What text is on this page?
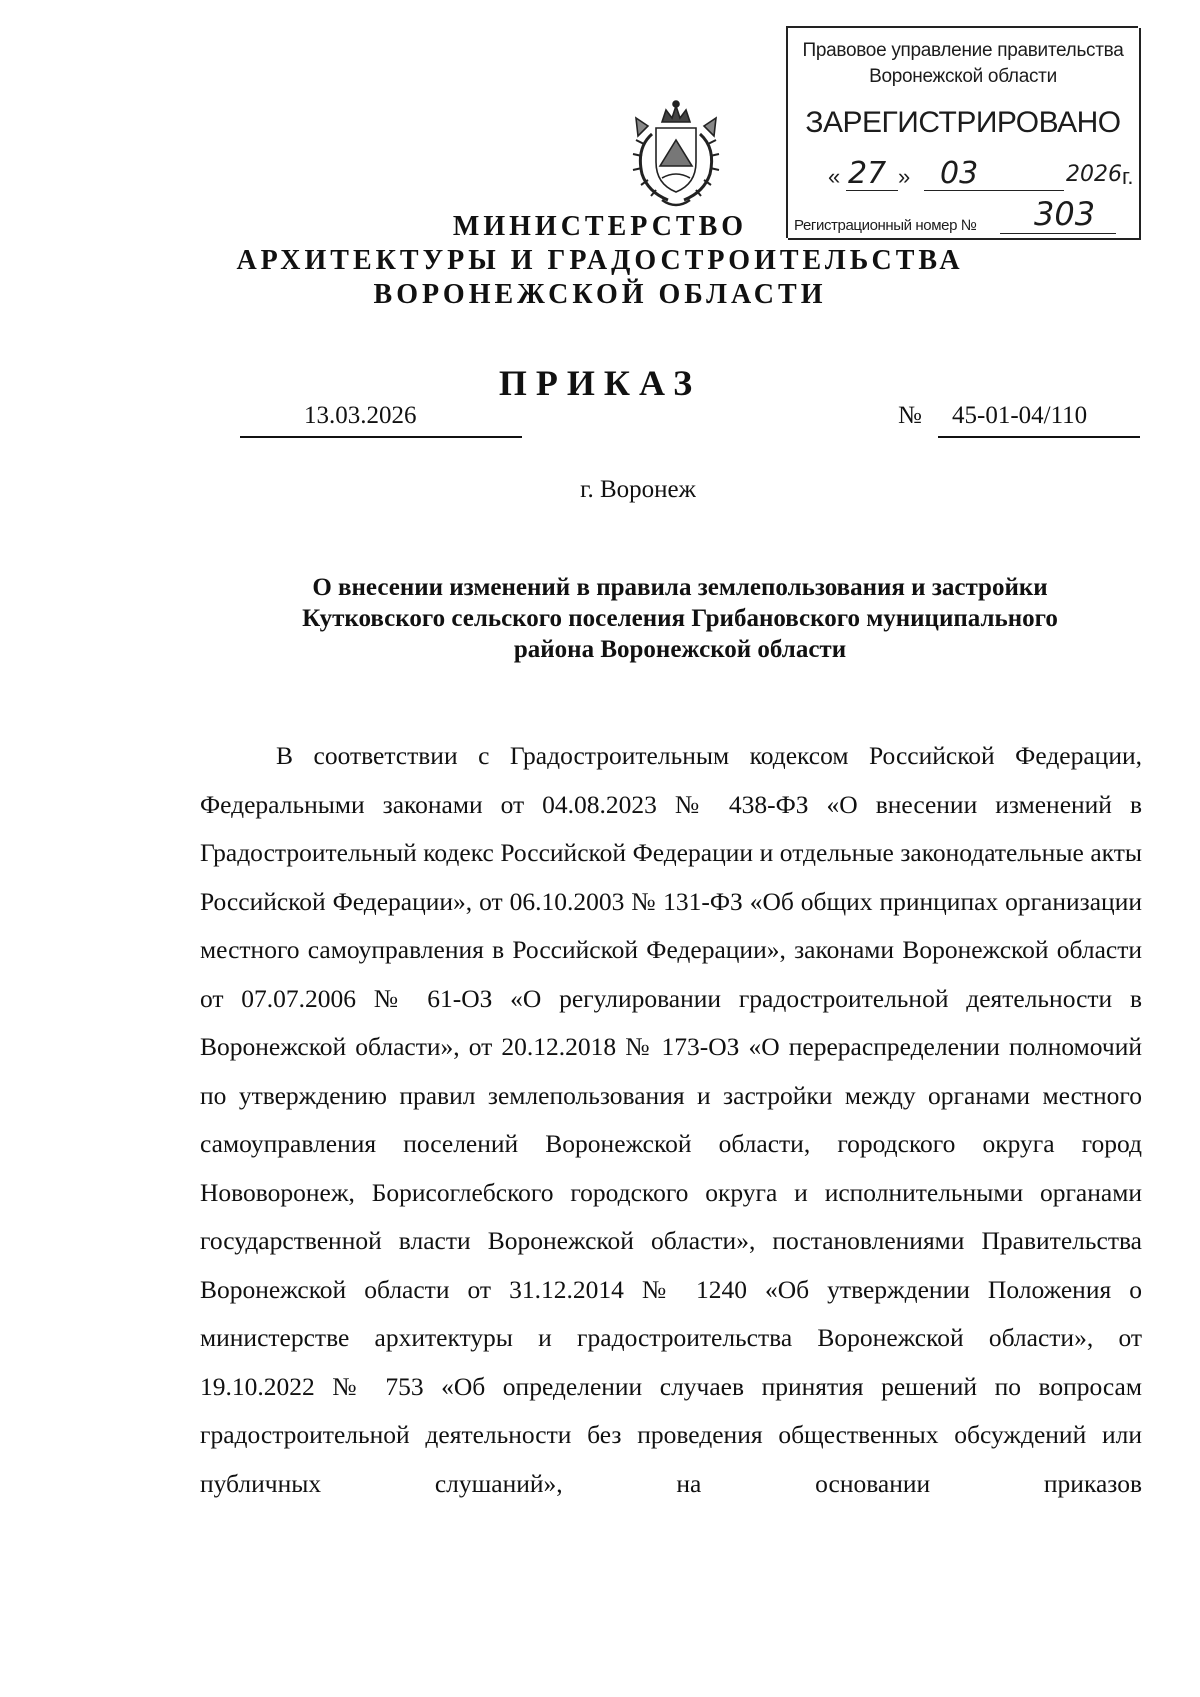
Правовое управление правительства
Воронежской области
ЗАРЕГИСТРИРОВАНО
« 27 » 03	2026 г.
Регистрационный номер № 303
МИНИСТЕРСТВО
АРХИТЕКТУРЫ И ГРАДОСТРОИТЕЛЬСТВА
ВОРОНЕЖСКОЙ ОБЛАСТИ
ПРИКАЗ
13.03.2026	№ 45-01-04/110
г. Воронеж
О внесении изменений в правила землепользования и застройки
Кутковского сельского поселения Грибановского муниципального
района Воронежской области

В соответствии с Градостроительным кодексом Российской Федерации, Федеральными законами от 04.08.2023 № 438-ФЗ «О внесении изменений в Градостроительный кодекс Российской Федерации и отдельные законодательные акты Российской Федерации», от 06.10.2003 № 131-ФЗ «Об общих принципах организации местного самоуправления в Российской Федерации», законами Воронежской области от 07.07.2006 № 61-ОЗ «О регулировании градостроительной деятельности в Воронежской области», от 20.12.2018 № 173-ОЗ «О перераспределении полномочий по утверждению правил землепользования и застройки между органами местного самоуправления поселений Воронежской области, городского округа город Нововоронеж, Борисоглебского городского округа и исполнительными органами государственной власти Воронежской области», постановлениями Правительства Воронежской области от 31.12.2014 № 1240 «Об утверждении Положения о министерстве архитектуры и градостроительства Воронежской области», от 19.10.2022 № 753 «Об определении случаев принятия решений по вопросам градостроительной деятельности без проведения общественных обсуждений или публичных слушаний», на основании приказов
